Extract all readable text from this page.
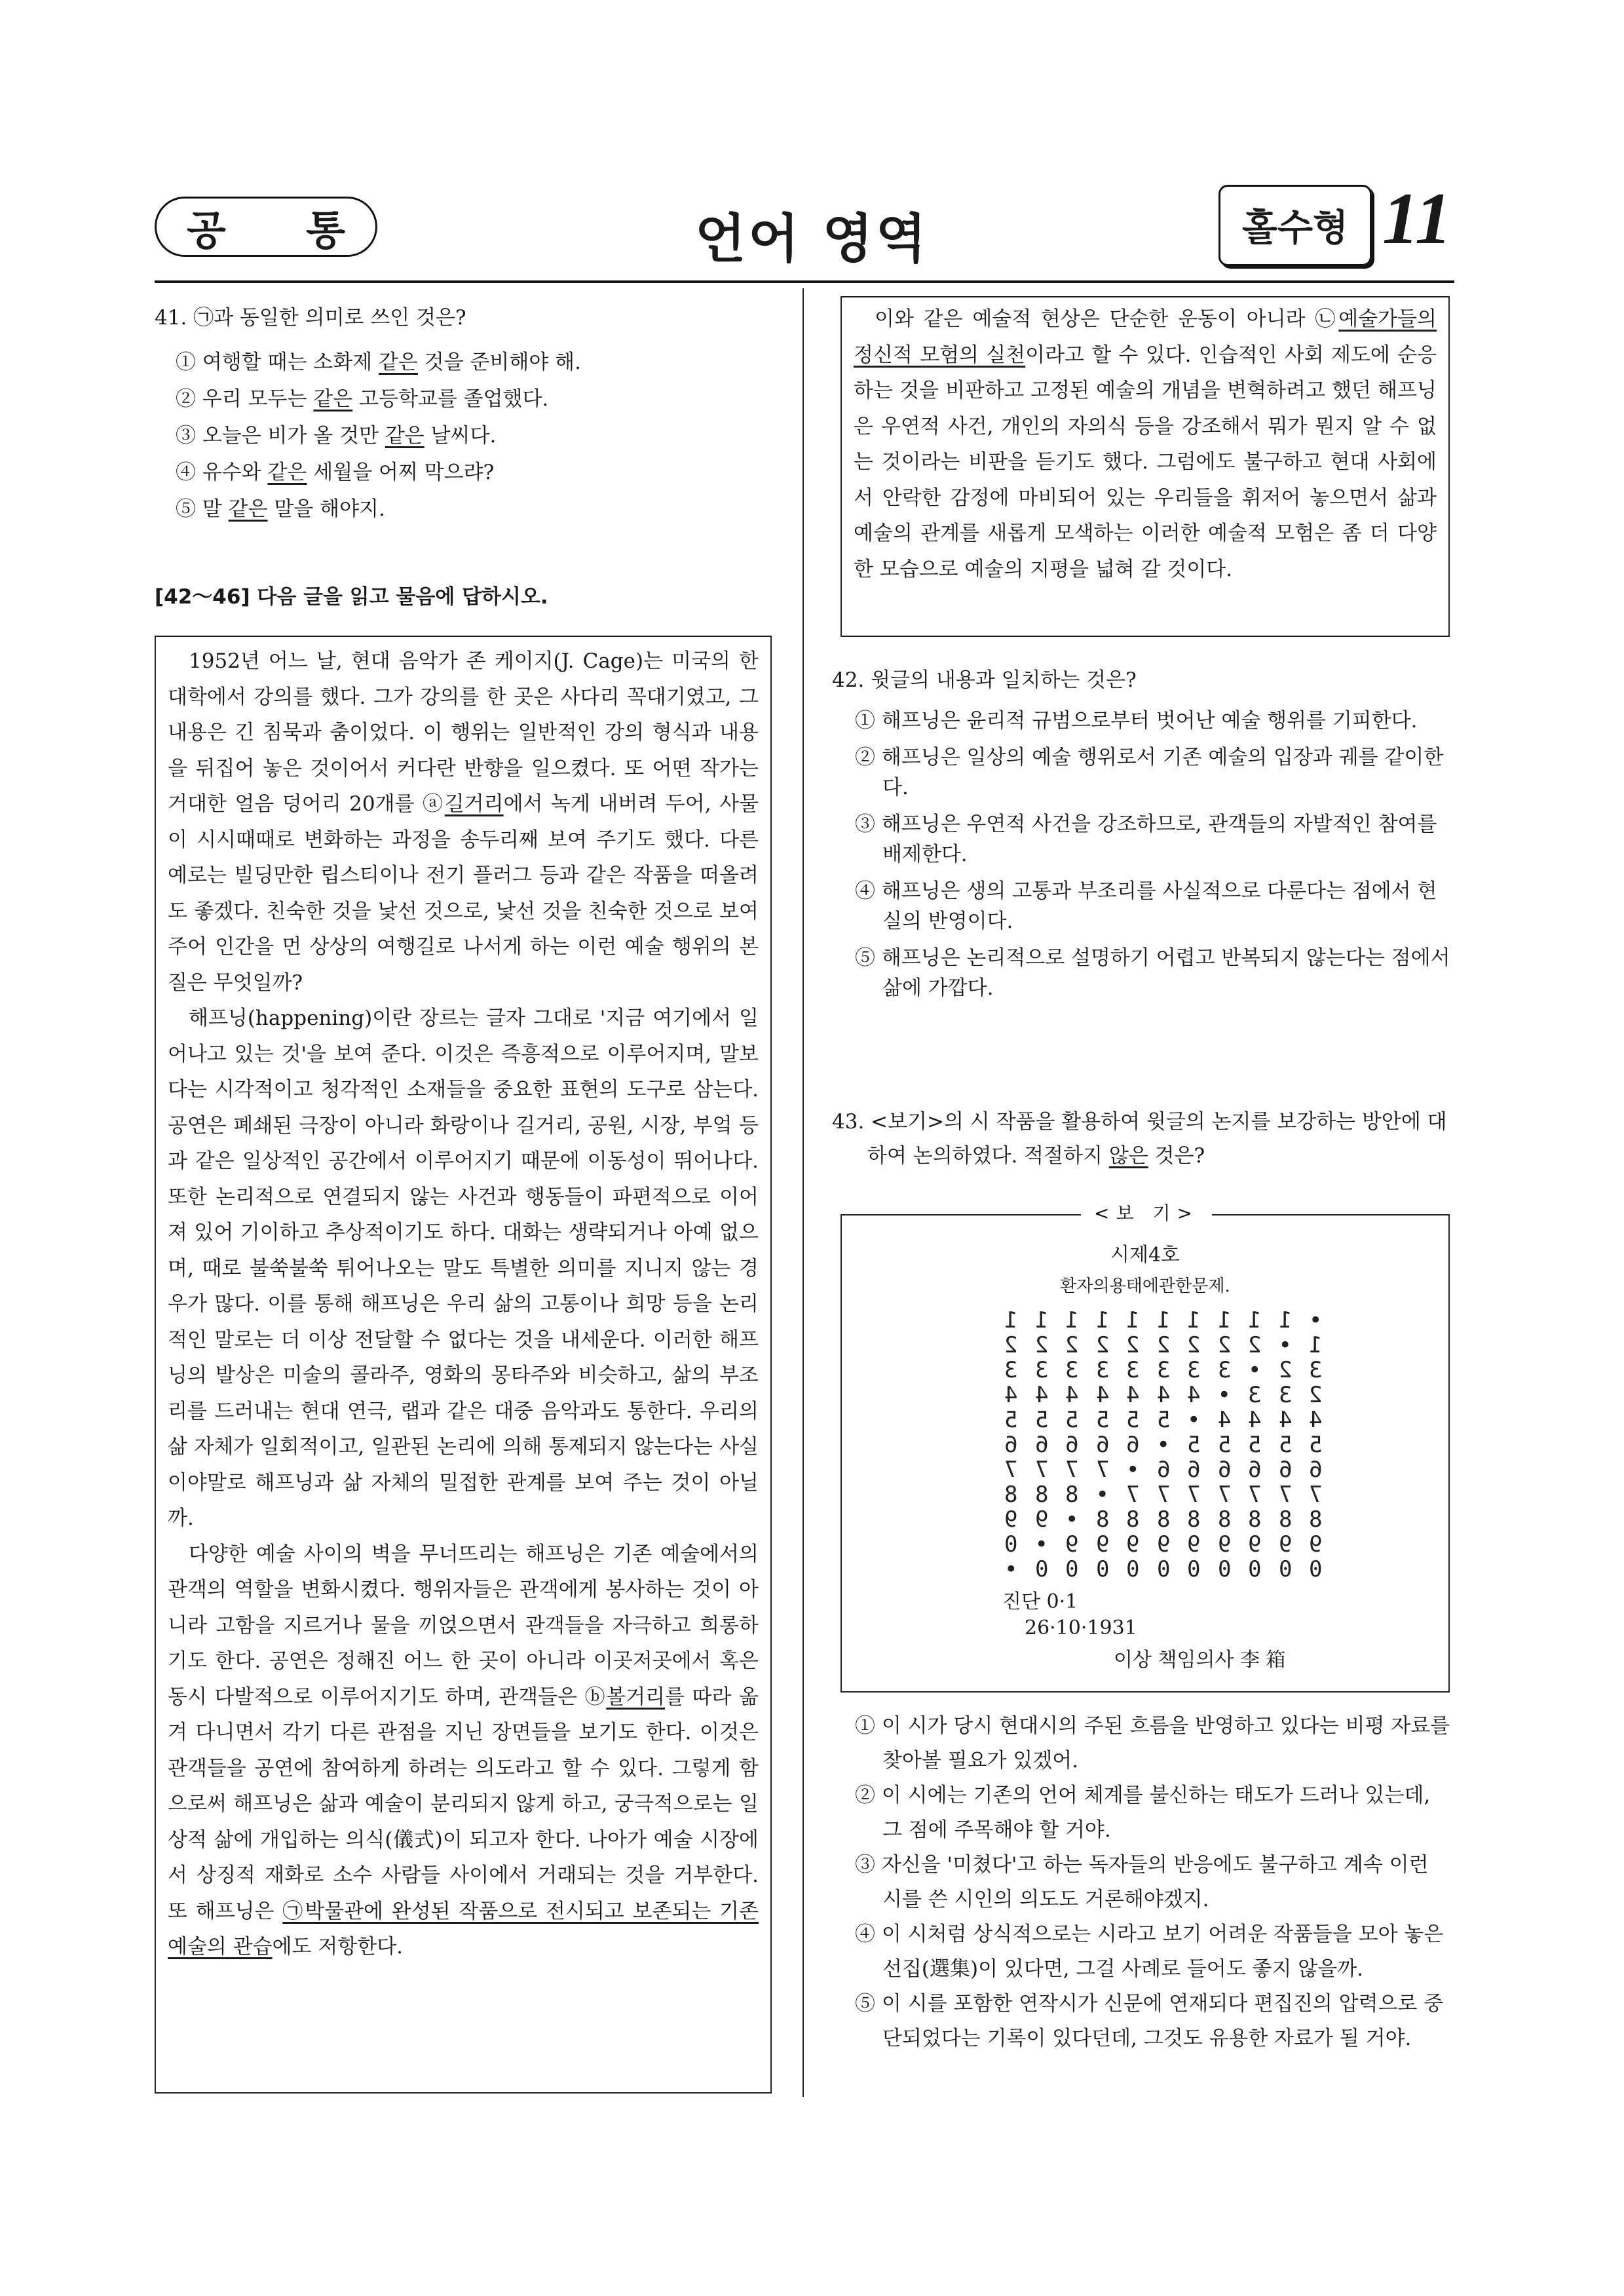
공 통	언어 영역	홀수형 11
41. ㉠과 동일한 의미로 쓰인 것은?
① 여행할 때는 소화제 같은 것을 준비해야 해.
② 우리 모두는 같은 고등학교를 졸업했다.
③ 오늘은 비가 올 것만 같은 날씨다.
④ 유수와 같은 세월을 어찌 막으랴?
⑤ 말 같은 말을 해야지.
[42～46] 다음 글을 읽고 물음에 답하시오.
1952년 어느 날, 현대 음악가 존 케이지(J. Cage)는 미국의 한 대학에서 강의를 했다. 그가 강의를 한 곳은 사다리 꼭대기였고, 그 내용은 긴 침묵과 춤이었다. 이 행위는 일반적인 강의 형식과 내용을 뒤집어 놓은 것이어서 커다란 반향을 일으켰다. 또 어떤 작가는 거대한 얼음 덩어리 20개를 ⓐ길거리에서 녹게 내버려 두어, 사물이 시시때때로 변화하는 과정을 송두리째 보여 주기도 했다. 다른 예로는 빌딩만한 립스티이나 전기 플러그 등과 같은 작품을 떠올려도 좋겠다. 친숙한 것을 낯선 것으로, 낯선 것을 친숙한 것으로 보여 주어 인간을 먼 상상의 여행길로 나서게 하는 이런 예술 행위의 본질은 무엇일까?
해프닝(happening)이란 장르는 글자 그대로 '지금 여기에서 일어나고 있는 것'을 보여 준다. 이것은 즉흥적으로 이루어지며, 말보다는 시각적이고 청각적인 소재들을 중요한 표현의 도구로 삼는다. 공연은 폐쇄된 극장이 아니라 화랑이나 길거리, 공원, 시장, 부엌 등과 같은 일상적인 공간에서 이루어지기 때문에 이동성이 뛰어나다. 또한 논리적으로 연결되지 않는 사건과 행동들이 파편적으로 이어져 있어 기이하고 추상적이기도 하다. 대화는 생략되거나 아예 없으며, 때로 불쑥불쑥 튀어나오는 말도 특별한 의미를 지니지 않는 경우가 많다. 이를 통해 해프닝은 우리 삶의 고통이나 희망 등을 논리적인 말로는 더 이상 전달할 수 없다는 것을 내세운다. 이러한 해프닝의 발상은 미술의 콜라주, 영화의 몽타주와 비슷하고, 삶의 부조리를 드러내는 현대 연극, 랩과 같은 대중 음악과도 통한다. 우리의 삶 자체가 일회적이고, 일관된 논리에 의해 통제되지 않는다는 사실이야말로 해프닝과 삶 자체의 밀접한 관계를 보여 주는 것이 아닐까.
다양한 예술 사이의 벽을 무너뜨리는 해프닝은 기존 예술에서의 관객의 역할을 변화시켰다. 행위자들은 관객에게 봉사하는 것이 아니라 고함을 지르거나 물을 끼얹으면서 관객들을 자극하고 희롱하기도 한다. 공연은 정해진 어느 한 곳이 아니라 이곳저곳에서 혹은 동시 다발적으로 이루어지기도 하며, 관객들은 ⓑ볼거리를 따라 옮겨 다니면서 각기 다른 관점을 지닌 장면들을 보기도 한다. 이것은 관객들을 공연에 참여하게 하려는 의도라고 할 수 있다. 그렇게 함으로써 해프닝은 삶과 예술이 분리되지 않게 하고, 궁극적으로는 일상적 삶에 개입하는 의식(儀式)이 되고자 한다. 나아가 예술 시장에서 상징적 재화로 소수 사람들 사이에서 거래되는 것을 거부한다. 또 해프닝은 ㉠박물관에 완성된 작품으로 전시되고 보존되는 기존 예술의 관습에도 저항한다.
이와 같은 예술적 현상은 단순한 운동이 아니라 ㉡예술가들의 정신적 모험의 실천이라고 할 수 있다. 인습적인 사회 제도에 순응하는 것을 비판하고 고정된 예술의 개념을 변혁하려고 했던 해프닝은 우연적 사건, 개인의 자의식 등을 강조해서 뭐가 뭔지 알 수 없는 것이라는 비판을 듣기도 했다. 그럼에도 불구하고 현대 사회에서 안락한 감정에 마비되어 있는 우리들을 휘저어 놓으면서 삶과 예술의 관계를 새롭게 모색하는 이러한 예술적 모험은 좀 더 다양한 모습으로 예술의 지평을 넓혀 갈 것이다.
42. 윗글의 내용과 일치하는 것은?
① 해프닝은 윤리적 규범으로부터 벗어난 예술 행위를 기피한다.
② 해프닝은 일상의 예술 행위로서 기존 예술의 입장과 궤를 같이한다.
③ 해프닝은 우연적 사건을 강조하므로, 관객들의 자발적인 참여를 배제한다.
④ 해프닝은 생의 고통과 부조리를 사실적으로 다룬다는 점에서 현실의 반영이다.
⑤ 해프닝은 논리적으로 설명하기 어렵고 반복되지 않는다는 점에서 삶에 가깝다.
43. <보기>의 시 작품을 활용하여 윗글의 논지를 보강하는 방안에 대하여 논의하였다. 적절하지 않은 것은?
<보 기>
시제4호
환자의용태에관한문제.
1 1 1 1 1 1 1 1 1 1 •
2 2 2 2 2 2 2 2 2 • 1
3 3 3 3 3 3 3 3 • 2 3
4 4 4 4 4 4 4 • 3 3 2
5 5 5 5 5 5 • 4 4 4 4
6 6 6 6 6 • 5 5 5 5 5
7 7 7 7 • 6 6 6 6 6 6
8 8 8 • 7 7 7 7 7 7 7
9 9 • 8 8 8 8 8 8 8 8
0 • 9 9 9 9 9 9 9 9 9
• 0 0 0 0 0 0 0 0 0 0
진단 0·1
26·10·1931
이상 책임의사 李 箱
① 이 시가 당시 현대시의 주된 흐름을 반영하고 있다는 비평 자료를 찾아볼 필요가 있겠어.
② 이 시에는 기존의 언어 체계를 불신하는 태도가 드러나 있는데, 그 점에 주목해야 할 거야.
③ 자신을 '미쳤다'고 하는 독자들의 반응에도 불구하고 계속 이런 시를 쓴 시인의 의도도 거론해야겠지.
④ 이 시처럼 상식적으로는 시라고 보기 어려운 작품들을 모아 놓은 선집(選集)이 있다면, 그걸 사례로 들어도 좋지 않을까.
⑤ 이 시를 포함한 연작시가 신문에 연재되다 편집진의 압력으로 중단되었다는 기록이 있다던데, 그것도 유용한 자료가 될 거야.
